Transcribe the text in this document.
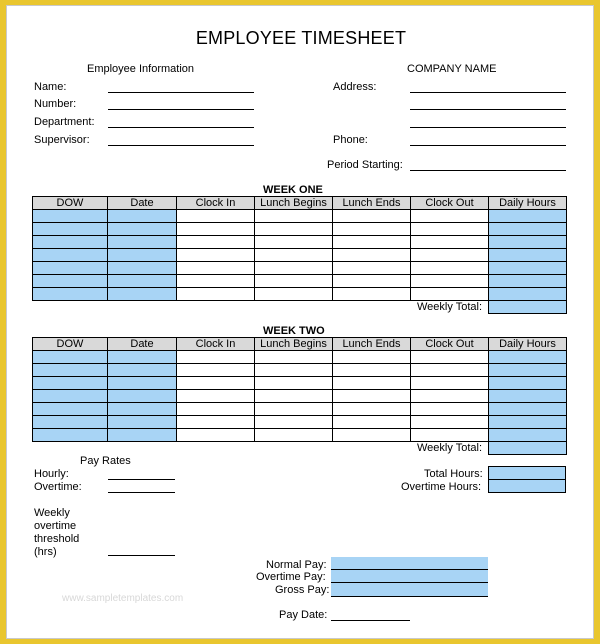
EMPLOYEE TIMESHEET
Employee Information
Name:
Number:
Department:
Supervisor:
COMPANY NAME
Address:
Phone:
Period Starting:
WEEK ONE
DOW	Date	Clock In	Lunch Begins	Lunch Ends	Clock Out	Daily Hours

Weekly Total:						
WEEK TWO
DOW	Date	Clock In	Lunch Begins	Lunch Ends	Clock Out	Daily Hours

Weekly Total:						
Pay Rates
Hourly:
Overtime:
Weekly
overtime
threshold
(hrs)
Total Hours:
Overtime Hours:
Normal Pay:
Overtime Pay:
Gross Pay:
Pay Date:
www.sampletemplates.com
